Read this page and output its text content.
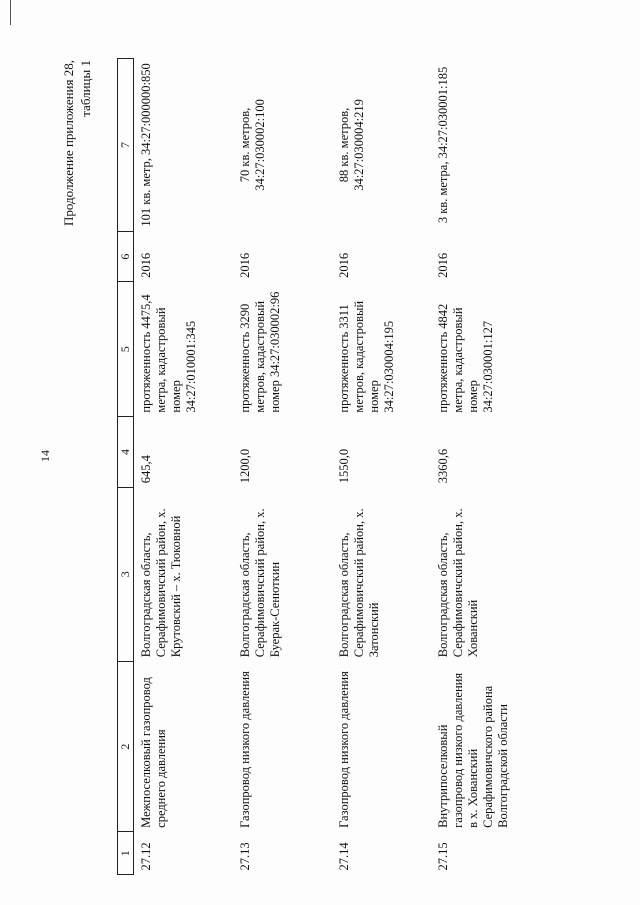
14
Продолжение приложения 28, таблицы 1
1	2	3	4	5	6	7
27.12	Межпоселковый газопровод среднего давления	Волгоградская область, Серафимовичский район, х. Крутовский – х. Тюковной	645,4	протяженность 4475,4 метра, кадастровый номер 34:27:010001:345	2016	101 кв. метр, 34:27:000000:850
27.13	Газопровод низкого давления	Волгоградская область, Серафимовичский район, х. Буерак-Сенюткин	1200,0	протяженность 3290 метров, кадастровый номер 34:27:030002:96	2016	70 кв. метров, 34:27:030002:100
27.14	Газопровод низкого давления	Волгоградская область, Серафимовичский район, х. Затонский	1550,0	протяженность 3311 метров, кадастровый номер 34:27:030004:195	2016	88 кв. метров, 34:27:030004:219
27.15	Внутрипоселковый газопровод низкого давления в х. Хованский Серафимовичского района Волгоградской области	Волгоградская область, Серафимовичский район, х. Хованский	3360,6	протяженность 4842 метра, кадастровый номер 34:27:030001:127	2016	3 кв. метра, 34:27:030001:185
